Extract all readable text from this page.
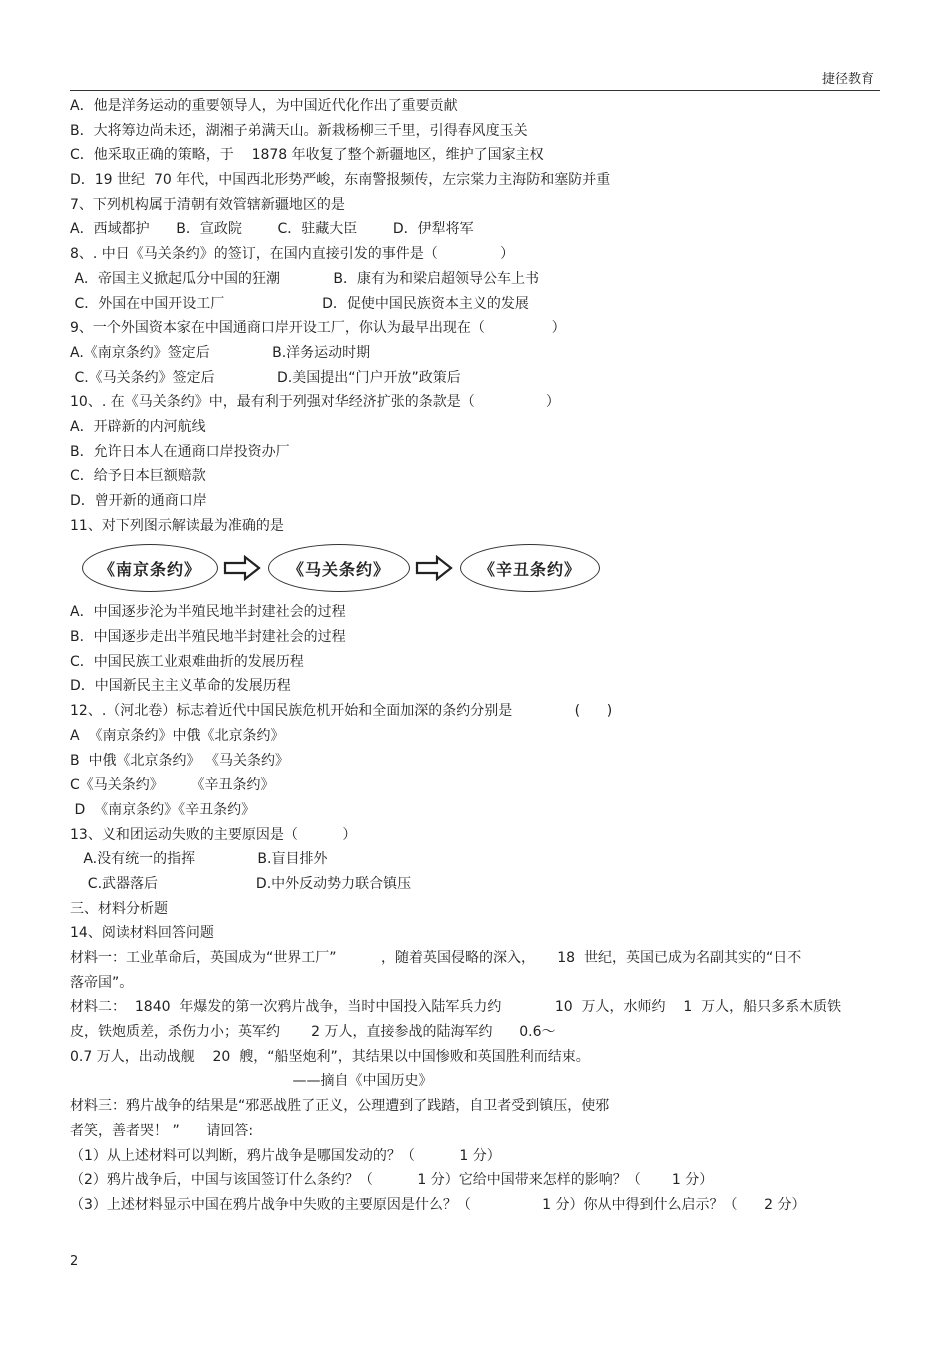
捷径教育
A．他是洋务运动的重要领导人，为中国近代化作出了重要贡献
B．大将筹边尚未还，湖湘子弟满天山。新栽杨柳三千里，引得春风度玉关
C．他采取正确的策略，于    1878 年收复了整个新疆地区，维护了国家主权
D．19 世纪  70 年代，中国西北形势严峻，东南警报频传，左宗棠力主海防和塞防并重
7、下列机构属于清朝有效管辖新疆地区的是
A．西域都护      B．宣政院        C．驻藏大臣        D．伊犁将军
8、. 中日《马关条约》的签订，在国内直接引发的事件是（              ）
A．帝国主义掀起瓜分中国的狂潮            B．康有为和梁启超领导公车上书
C．外国在中国开设工厂                      D．促使中国民族资本主义的发展
9、一个外国资本家在中国通商口岸开设工厂，你认为最早出现在（               ）
A.《南京条约》签定后              B.洋务运动时期
C.《马关条约》签定后              D.美国提出“门户开放”政策后
10、. 在《马关条约》中，最有利于列强对华经济扩张的条款是（                ）
A．开辟新的内河航线
B．允许日本人在通商口岸投资办厂
C．给予日本巨额赔款
D．曾开新的通商口岸
11、对下列图示解读最为准确的是
《南京条约》	《马关条约》	《辛丑条约》
A．中国逐步沦为半殖民地半封建社会的过程
B．中国逐步走出半殖民地半封建社会的过程
C．中国民族工业艰难曲折的发展历程
D．中国新民主主义革命的发展历程
12、.（河北卷）标志着近代中国民族危机开始和全面加深的条约分别是              (      )
A  《南京条约》中俄《北京条约》
B  中俄《北京条约》 《马关条约》
C《马关条约》      《辛丑条约》
D  《南京条约》《辛丑条约》
13、义和团运动失败的主要原因是（          ）
A.没有统一的指挥              B.盲目排外
C.武器落后                      D.中外反动势力联合镇压
三、材料分析题
14、阅读材料回答问题
材料一：工业革命后，英国成为“世界工厂”          ，随着英国侵略的深入，     18  世纪，英国已成为名副其实的“日不
落帝国”。
材料二：  1840  年爆发的第一次鸦片战争，当时中国投入陆军兵力约            10  万人，水师约    1  万人，船只多系木质铁
皮，铁炮质差，杀伤力小；英军约       2 万人，直接参战的陆海军约      0.6～
0.7 万人，出动战舰    20  艘，“船坚炮利”，其结果以中国惨败和英国胜利而结束。
——摘自《中国历史》
材料三：鸦片战争的结果是“邪恶战胜了正义，公理遭到了践踏，自卫者受到镇压，使邪
者笑，善者哭！ ”      请回答:
（1）从上述材料可以判断，鸦片战争是哪国发动的？（          1 分）
（2）鸦片战争后，中国与该国签订什么条约？（          1 分）它给中国带来怎样的影响？（       1 分）
（3）上述材料显示中国在鸦片战争中失败的主要原因是什么？（                1 分）你从中得到什么启示？（      2 分）
2
